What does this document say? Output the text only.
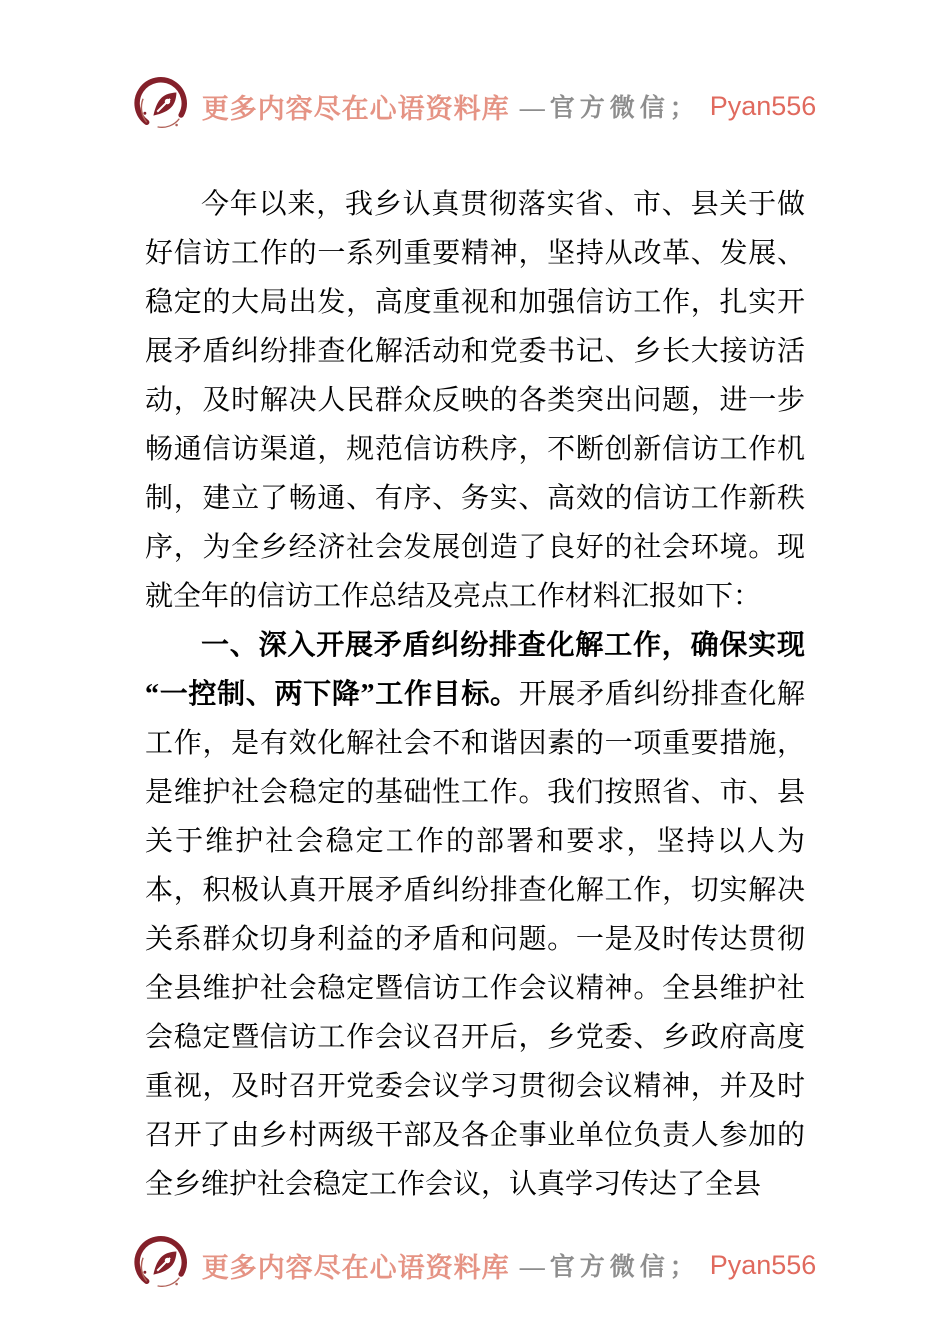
更多内容尽在心语资料库 —官方微信； Pyan556

今年以来，我乡认真贯彻落实省、市、县关于做好信访工作的一系列重要精神，坚持从改革、发展、稳定的大局出发，高度重视和加强信访工作，扎实开展矛盾纠纷排查化解活动和党委书记、乡长大接访活动，及时解决人民群众反映的各类突出问题，进一步畅通信访渠道，规范信访秩序，不断创新信访工作机制，建立了畅通、有序、务实、高效的信访工作新秩序，为全乡经济社会发展创造了良好的社会环境。现就全年的信访工作总结及亮点工作材料汇报如下：

一、深入开展矛盾纠纷排查化解工作，确保实现“一控制、两下降”工作目标。开展矛盾纠纷排查化解工作，是有效化解社会不和谐因素的一项重要措施，是维护社会稳定的基础性工作。我们按照省、市、县关于维护社会稳定工作的部署和要求，坚持以人为本，积极认真开展矛盾纠纷排查化解工作，切实解决关系群众切身利益的矛盾和问题。一是及时传达贯彻全县维护社会稳定暨信访工作会议精神。全县维护社会稳定暨信访工作会议召开后，乡党委、乡政府高度重视，及时召开党委会议学习贯彻会议精神，并及时召开了由乡村两级干部及各企事业单位负责人参加的全乡维护社会稳定工作会议，认真学习传达了全县

更多内容尽在心语资料库 —官方微信； Pyan556
